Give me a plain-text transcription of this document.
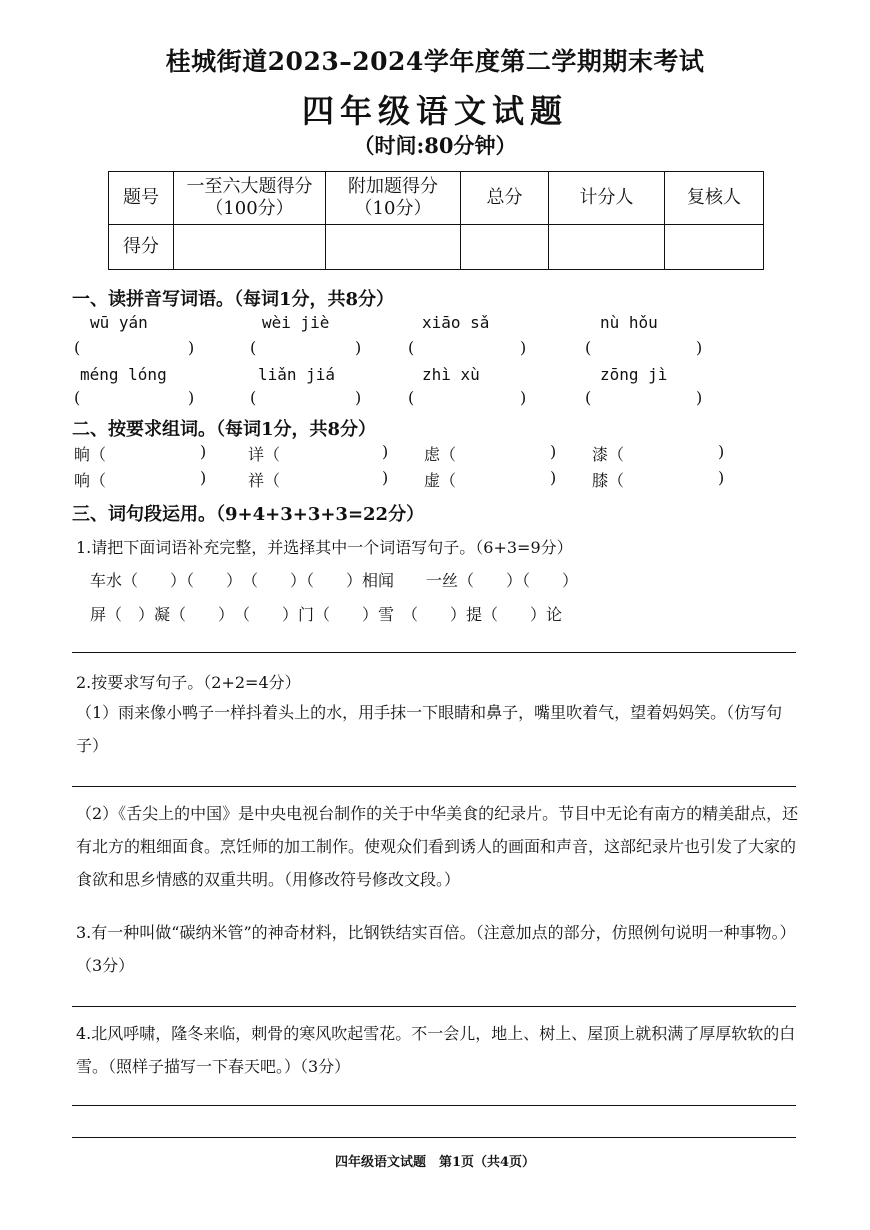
桂城街道2023–2024学年度第二学期期末考试
四年级语文试题
（时间:80分钟）
题号	一至六大题得分（100分）	附加题得分（10分）	总分	计分人	复核人
得分					
一、读拼音写词语。（每词1分，共8分）
wū yán	wèi jiè	xiāo sǎ	nù hǒu
(	)	(	)	(	)	(	)
méng lóng	liǎn jiá	zhì xù	zōng jì
(	)	(	)	(	)	(	)
二、按要求组词。（每词1分，共8分）
晌（	)	详（	) 虑（	) 漆（	)
响（	)	祥（	) 虚（	) 膝（	)
三、词句段运用。（9+4+3+3+3=22分）
1.请把下面词语补充完整，并选择其中一个词语写句子。（6+3=9分）
车水（　　）（　　）　（　　）（　　）相闻　　一丝（　　）（　　）
屏（　）凝（　　）　（　　）门（　　）雪　（　　）提（　　）论
2.按要求写句子。（2+2=4分）
（1）雨来像小鸭子一样抖着头上的水，用手抹一下眼睛和鼻子，嘴里吹着气，望着妈妈笑。（仿写句子）
（2）《舌尖上的中国》是中央电视台制作的关于中华美食的纪录片。节目中无论有南方的精美甜点，还有北方的粗细面食。烹饪师的加工制作。使观众们看到诱人的画面和声音，这部纪录片也引发了大家的食欲和思乡情感的双重共明。（用修改符号修改文段。）
3.有一种叫做“碳纳米管”的神奇材料，比钢铁结实百倍。（注意加点的部分，仿照例句说明一种事物。）（3分）
4.北风呼啸，隆冬来临，刺骨的寒风吹起雪花。不一会儿，地上、树上、屋顶上就积满了厚厚软软的白雪。（照样子描写一下春天吧。）（3分）
四年级语文试题　第1页（共4页）
